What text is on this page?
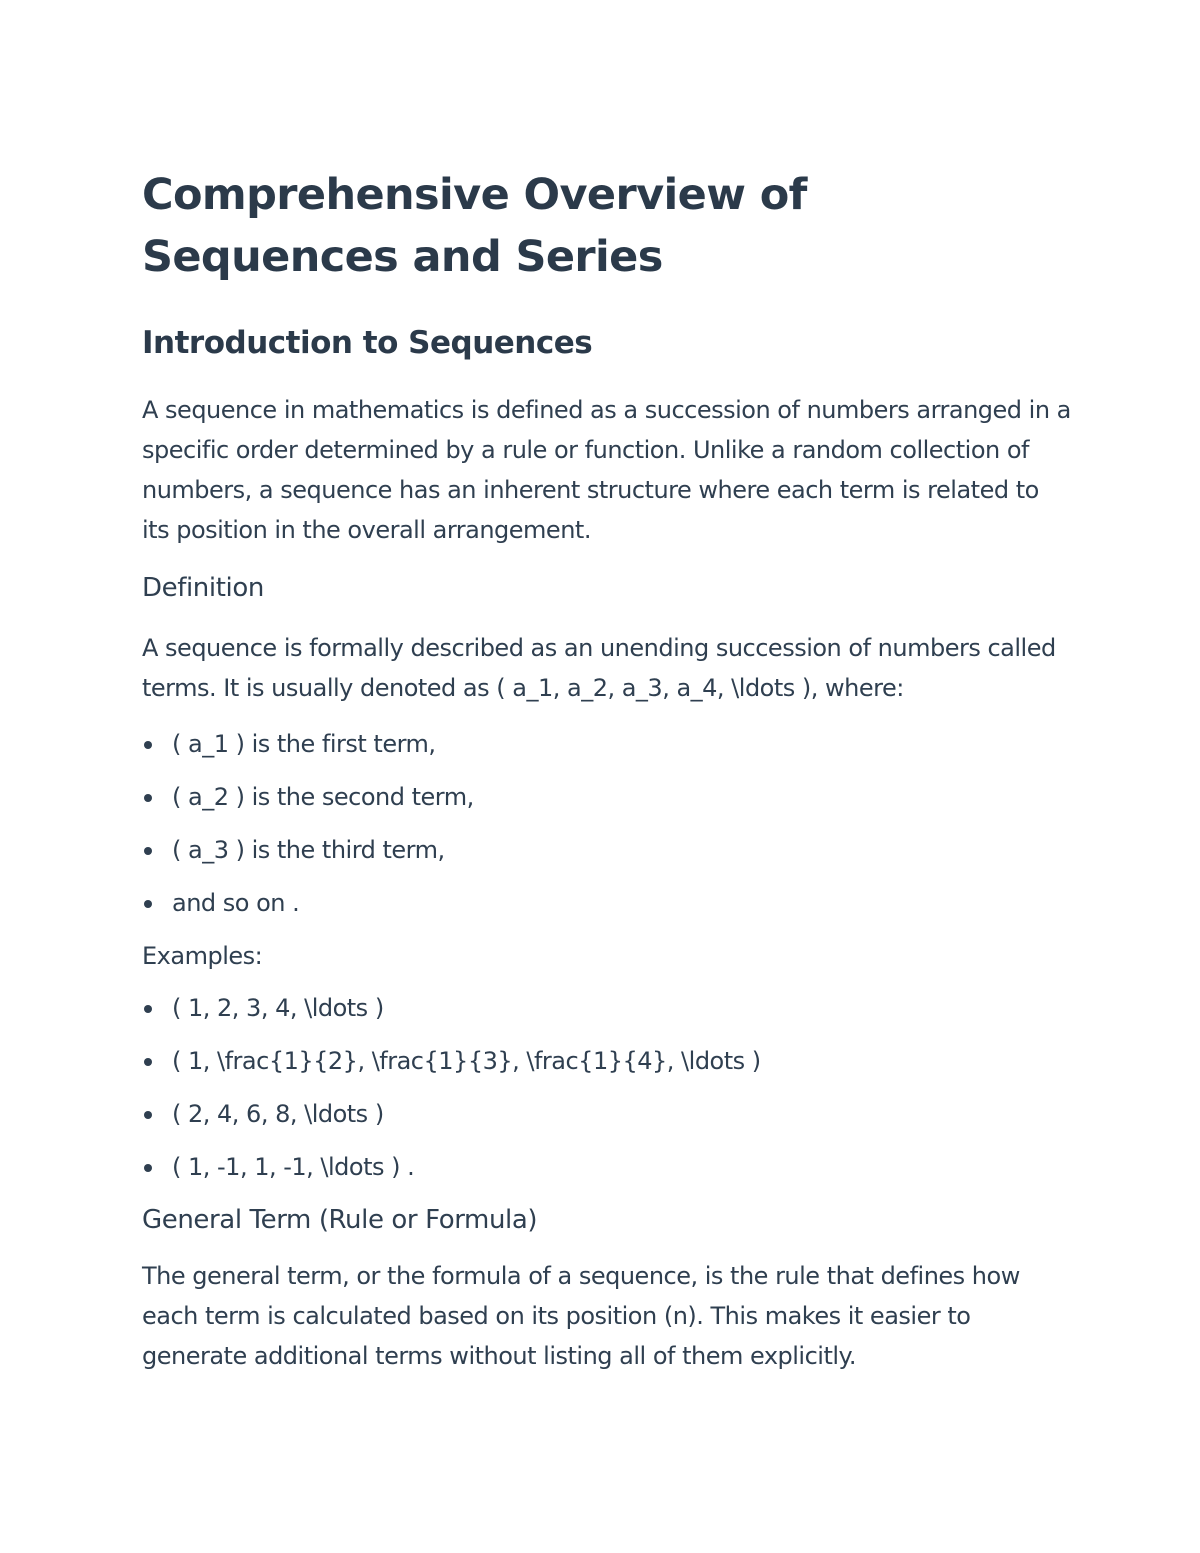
Comprehensive Overview of Sequences and Series
Introduction to Sequences

A sequence in mathematics is defined as a succession of numbers arranged in a specific order determined by a rule or function. Unlike a random collection of numbers, a sequence has an inherent structure where each term is related to its position in the overall arrangement.

Definition

A sequence is formally described as an unending succession of numbers called terms. It is usually denoted as ( a_1, a_2, a_3, a_4, \ldots ), where:

( a_1 ) is the first term,
( a_2 ) is the second term,
( a_3 ) is the third term,
and so on .

Examples:

( 1, 2, 3, 4, \ldots )
( 1, \frac{1}{2}, \frac{1}{3}, \frac{1}{4}, \ldots )
( 2, 4, 6, 8, \ldots )
( 1, -1, 1, -1, \ldots ) .
General Term (Rule or Formula)

The general term, or the formula of a sequence, is the rule that defines how each term is calculated based on its position (n). This makes it easier to generate additional terms without listing all of them explicitly.
